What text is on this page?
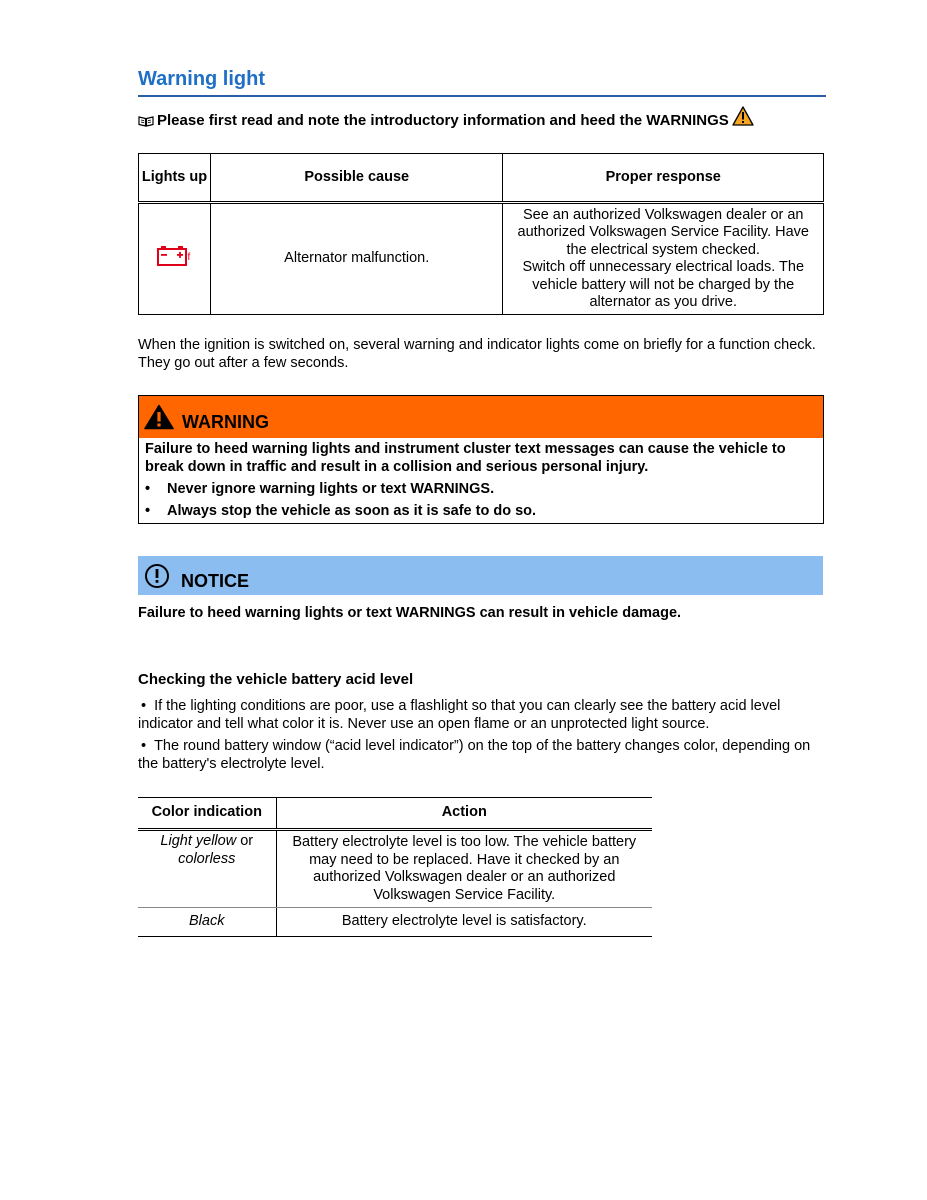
Warning light
Please first read and note the introductory information and heed the WARNINGS
Lights up	Possible cause	Proper response

f	Alternator malfunction.	See an authorized Volkswagen dealer or an authorized Volkswagen Service Facility. Have the electrical system checked.
Switch off unnecessary electrical loads. The vehicle battery will not be charged by the alternator as you drive.
When the ignition is switched on, several warning and indicator lights come on briefly for a function check. They go out after a few seconds.
WARNING
Failure to heed warning lights and instrument cluster text messages can cause the vehicle to break down in traffic and result in a collision and serious personal injury.
• Never ignore warning lights or text WARNINGS.
• Always stop the vehicle as soon as it is safe to do so.
NOTICE
Failure to heed warning lights or text WARNINGS can result in vehicle damage.
Checking the vehicle battery acid level
• If the lighting conditions are poor, use a flashlight so that you can clearly see the battery acid level indicator and tell what color it is. Never use an open flame or an unprotected light source.
• The round battery window (“acid level indicator”) on the top of the battery changes color, depending on the battery's electrolyte level.
Color indication	Action
Light yellow or
colorless	Battery electrolyte level is too low. The vehicle battery may need to be replaced. Have it checked by an authorized Volkswagen dealer or an authorized Volkswagen Service Facility.
Black	Battery electrolyte level is satisfactory.
